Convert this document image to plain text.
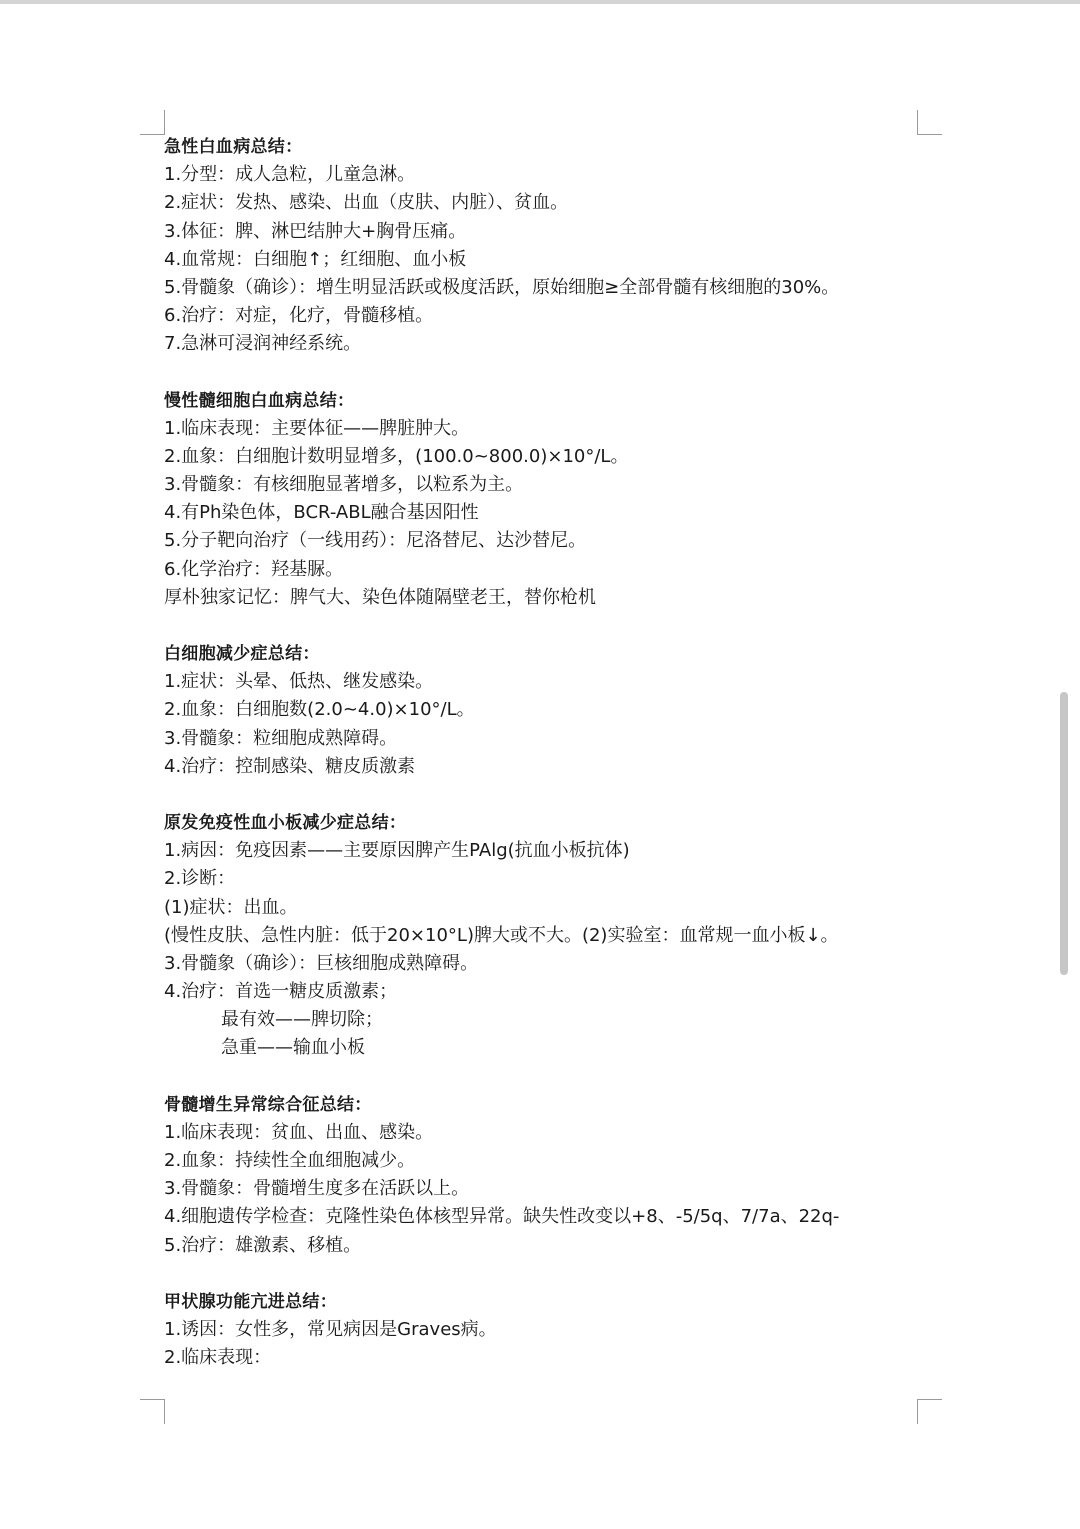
急性白血病总结：
1.分型：成人急粒，儿童急淋。
2.症状：发热、感染、出血（皮肤、内脏）、贫血。
3.体征：脾、淋巴结肿大+胸骨压痛。
4.血常规：白细胞↑；红细胞、血小板
5.骨髓象（确诊）：增生明显活跃或极度活跃，原始细胞≥全部骨髓有核细胞的30%。
6.治疗：对症，化疗，骨髓移植。
7.急淋可浸润神经系统。
慢性髓细胞白血病总结：
1.临床表现：主要体征——脾脏肿大。
2.血象：白细胞计数明显增多，(100.0~800.0)×10°/L。
3.骨髓象：有核细胞显著增多，以粒系为主。
4.有Ph染色体，BCR-ABL融合基因阳性
5.分子靶向治疗（一线用药）：尼洛替尼、达沙替尼。
6.化学治疗：羟基脲。
厚朴独家记忆：脾气大、染色体随隔壁老王，替你枪机
白细胞减少症总结：
1.症状：头晕、低热、继发感染。
2.血象：白细胞数(2.0~4.0)×10°/L。
3.骨髓象：粒细胞成熟障碍。
4.治疗：控制感染、糖皮质激素
原发免疫性血小板减少症总结：
1.病因：免疫因素——主要原因脾产生PAlg(抗血小板抗体)
2.诊断：
(1)症状：出血。
(慢性皮肤、急性内脏：低于20×10°L)脾大或不大。(2)实验室：血常规一血小板↓。
3.骨髓象（确诊）：巨核细胞成熟障碍。
4.治疗：首选一糖皮质激素；
最有效——脾切除；
急重——输血小板
骨髓增生异常综合征总结：
1.临床表现：贫血、出血、感染。
2.血象：持续性全血细胞减少。
3.骨髓象：骨髓增生度多在活跃以上。
4.细胞遗传学检查：克隆性染色体核型异常。缺失性改变以+8、-5/5q、7/7a、22q-
5.治疗：雄激素、移植。
甲状腺功能亢进总结：
1.诱因：女性多，常见病因是Graves病。
2.临床表现：
